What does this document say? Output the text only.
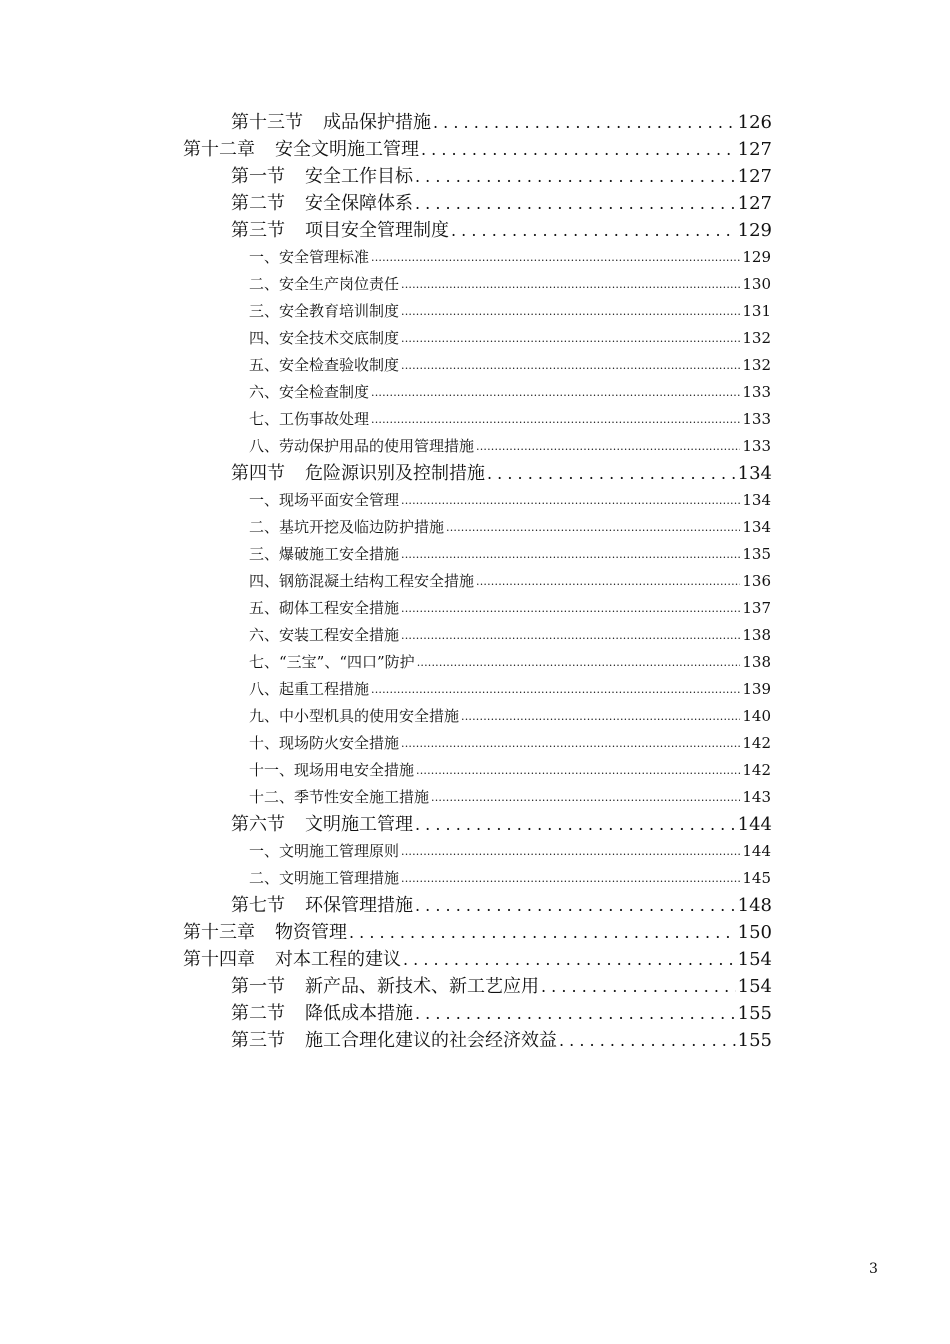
第十三节 成品保护措施 . . .	126
第十二章 安全文明施工管理 . . .	127
第一节 安全工作目标 . . .	127
第二节 安全保障体系 . . .	127
第三节 项目安全管理制度 . . .	129
一、安全管理标准 .....	129
二、安全生产岗位责任 .....	130
三、安全教育培训制度 .....	131
四、安全技术交底制度 .....	132
五、安全检查验收制度 .....	132
六、安全检查制度 .....	133
七、工伤事故处理 .....	133
八、劳动保护用品的使用管理措施 .....	133
第四节 危险源识别及控制措施 . . .	134
一、现场平面安全管理 .....	134
二、基坑开挖及临边防护措施 .....	134
三、爆破施工安全措施 .....	135
四、钢筋混凝土结构工程安全措施 .....	136
五、砌体工程安全措施 .....	137
六、安装工程安全措施 .....	138
七、“三宝”、“四口”防护 .....	138
八、起重工程措施 .....	139
九、中小型机具的使用安全措施 .....	140
十、现场防火安全措施 .....	142
十一、现场用电安全措施 .....	142
十二、季节性安全施工措施 .....	143
第六节 文明施工管理 . . .	144
一、文明施工管理原则 .....	144
二、文明施工管理措施 .....	145
第七节 环保管理措施 . . .	148
第十三章 物资管理 . . .	150
第十四章 对本工程的建议 . . .	154
第一节 新产品、新技术、新工艺应用 . . .	154
第二节 降低成本措施 . . .	155
第三节 施工合理化建议的社会经济效益 . . .	155
3
